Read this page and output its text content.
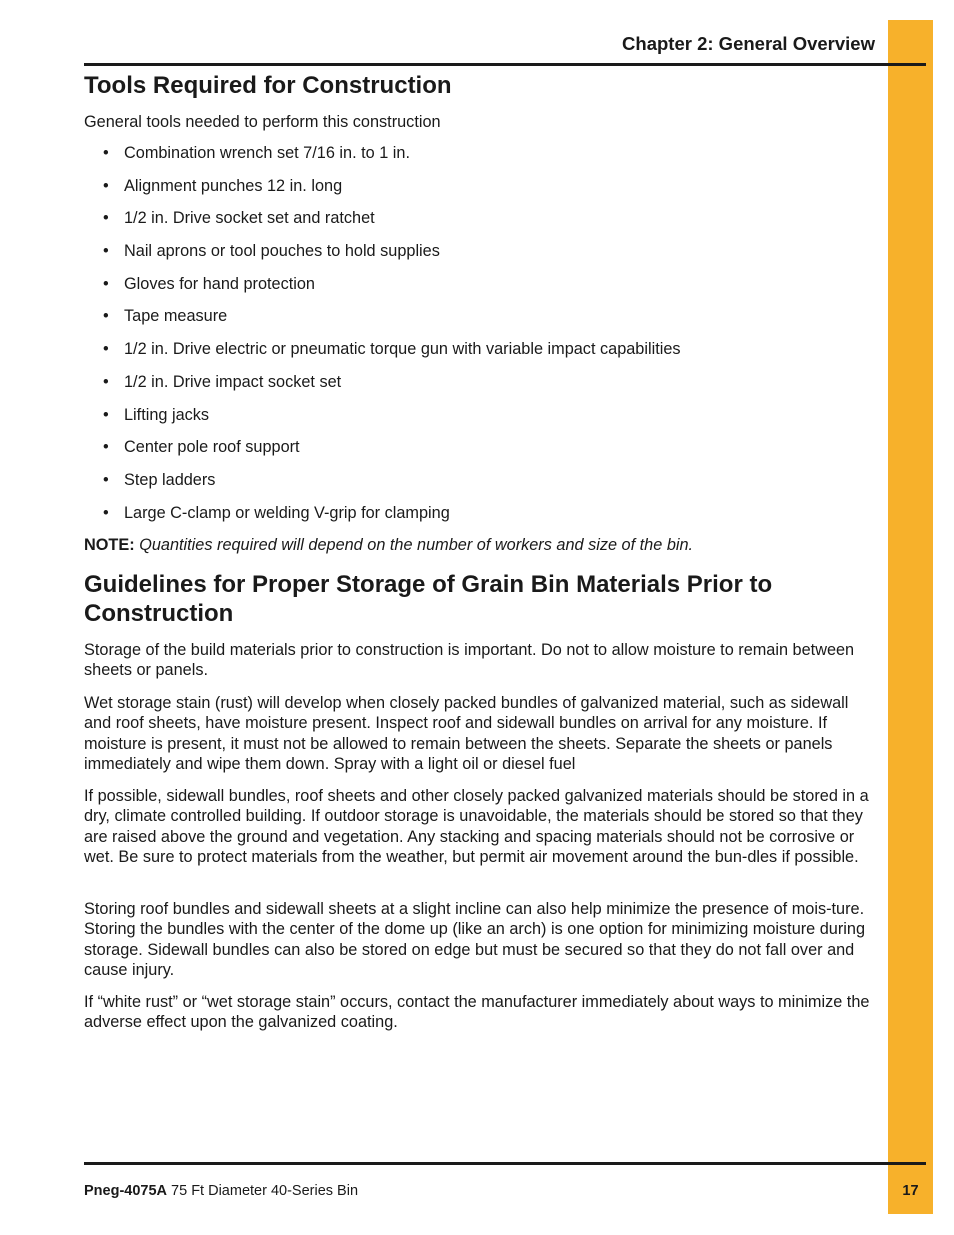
Chapter 2: General Overview
Tools Required for Construction

General tools needed to perform this construction

• Combination wrench set 7/16 in. to 1 in.
• Alignment punches 12 in. long
• 1/2 in. Drive socket set and ratchet
• Nail aprons or tool pouches to hold supplies
• Gloves for hand protection
• Tape measure
• 1/2 in. Drive electric or pneumatic torque gun with variable impact capabilities
• 1/2 in. Drive impact socket set
• Lifting jacks
• Center pole roof support
• Step ladders
• Large C-clamp or welding V-grip for clamping

NOTE: Quantities required will depend on the number of workers and size of the bin.

Guidelines for Proper Storage of Grain Bin Materials Prior to
Construction

Storage of the build materials prior to construction is important. Do not to allow moisture to remain between sheets or panels.

Wet storage stain (rust) will develop when closely packed bundles of galvanized material, such as sidewall and roof sheets, have moisture present. Inspect roof and sidewall bundles on arrival for any moisture. If moisture is present, it must not be allowed to remain between the sheets. Separate the sheets or panels immediately and wipe them down. Spray with a light oil or diesel fuel

If possible, sidewall bundles, roof sheets and other closely packed galvanized materials should be stored in a dry, climate controlled building. If outdoor storage is unavoidable, the materials should be stored so that they are raised above the ground and vegetation. Any stacking and spacing materials should not be corrosive or wet. Be sure to protect materials from the weather, but permit air movement around the bun-dles if possible.

Storing roof bundles and sidewall sheets at a slight incline can also help minimize the presence of mois-ture. Storing the bundles with the center of the dome up (like an arch) is one option for minimizing moisture during storage. Sidewall bundles can also be stored on edge but must be secured so that they do not fall over and cause injury.

If “white rust” or “wet storage stain” occurs, contact the manufacturer immediately about ways to minimize the adverse effect upon the galvanized coating.

Pneg-4075A 75 Ft Diameter 40-Series Bin	17
